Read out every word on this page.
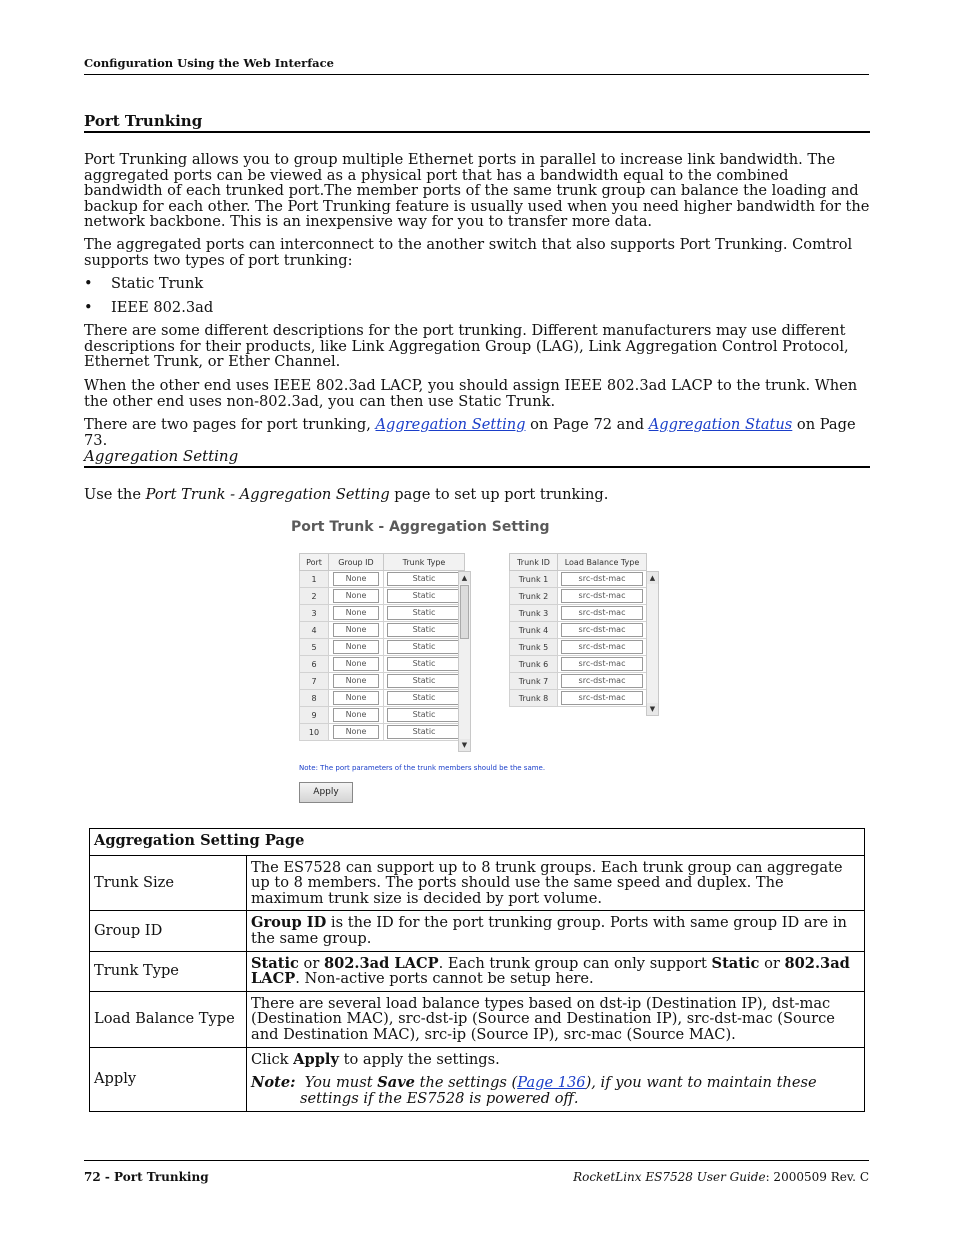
Configuration Using the Web Interface
Port Trunking
Port Trunking allows you to group multiple Ethernet ports in parallel to increase link bandwidth. The aggregated ports can be viewed as a physical port that has a bandwidth equal to the combined bandwidth of each trunked port.The member ports of the same trunk group can balance the loading and backup for each other. The Port Trunking feature is usually used when you need higher bandwidth for the network backbone. This is an inexpensive way for you to transfer more data.
The aggregated ports can interconnect to the another switch that also supports Port Trunking. Comtrol supports two types of port trunking:
• Static Trunk
• IEEE 802.3ad
There are some different descriptions for the port trunking. Different manufacturers may use different descriptions for their products, like Link Aggregation Group (LAG), Link Aggregation Control Protocol, Ethernet Trunk, or Ether Channel.
When the other end uses IEEE 802.3ad LACP, you should assign IEEE 802.3ad LACP to the trunk. When the other end uses non-802.3ad, you can then use Static Trunk.
There are two pages for port trunking, Aggregation Setting on Page 72 and Aggregation Status on Page 73.
Aggregation Setting
Use the Port Trunk - Aggregation Setting page to set up port trunking.
Port Trunk - Aggregation Setting
Port	Group ID	Trunk Type
1	None	Static
2	None	Static
3	None	Static
4	None	Static
5	None	Static
6	None	Static
7	None	Static
8	None	Static
9	None	Static
10	None	Static
▲
▼
Trunk ID	Load Balance Type
Trunk 1	src-dst-mac
Trunk 2	src-dst-mac
Trunk 3	src-dst-mac
Trunk 4	src-dst-mac
Trunk 5	src-dst-mac
Trunk 6	src-dst-mac
Trunk 7	src-dst-mac
Trunk 8	src-dst-mac
▲
▼
Note: The port parameters of the trunk members should be the same.
Apply
Aggregation Setting Page	
Trunk Size	The ES7528 can support up to 8 trunk groups. Each trunk group can aggregate up to 8 members. The ports should use the same speed and duplex. The maximum trunk size is decided by port volume.
Group ID	Group ID is the ID for the port trunking group. Ports with same group ID are in the same group.
Trunk Type	Static or 802.3ad LACP. Each trunk group can only support Static or 802.3ad LACP. Non-active ports cannot be setup here.
Load Balance Type	There are several load balance types based on dst-ip (Destination IP), dst-mac (Destination MAC), src-dst-ip (Source and Destination IP), src-dst-mac (Source and Destination MAC), src-ip (Source IP), src-mac (Source MAC).
Apply	Click Apply to apply the settings.
Note: You must Save the settings (Page 136), if you want to maintain these settings if the ES7528 is powered off.
72 - Port Trunking	RocketLinx ES7528 User Guide: 2000509 Rev. C
